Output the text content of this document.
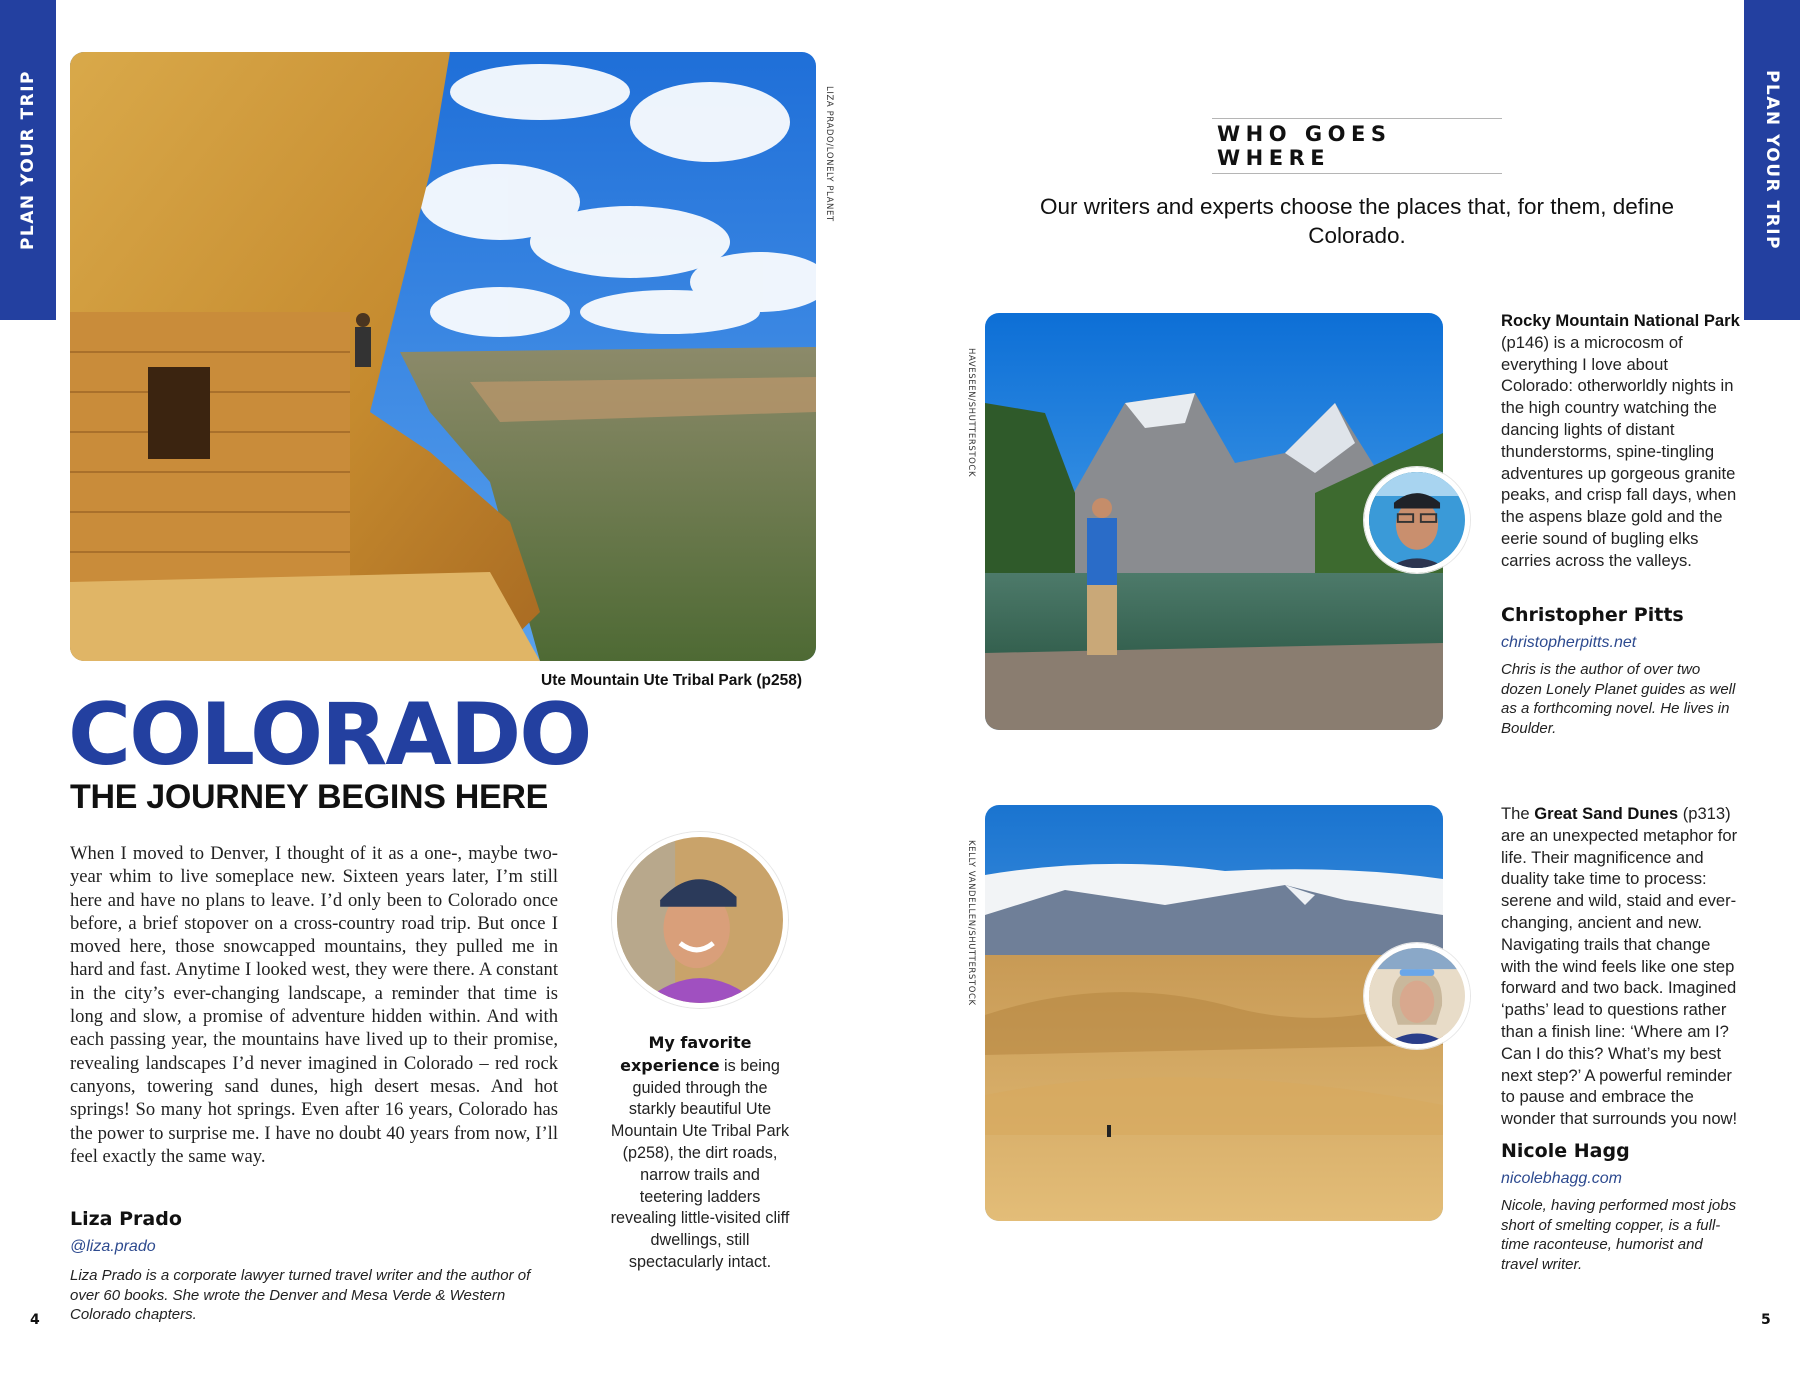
PLAN YOUR TRIP	PLAN YOUR TRIP
LIZA PRADO/LONELY PLANET
Ute Mountain Ute Tribal Park (p258)
COLORADO
THE JOURNEY BEGINS HERE

When I moved to Denver, I thought of it as a one-, maybe two-year whim to live someplace new. Sixteen years later, I’m still here and have no plans to leave. I’d only been to Colorado once before, a brief stopover on a cross-country road trip. But once I moved here, those snowcapped mountains, they pulled me in hard and fast. Anytime I looked west, they were there. A constant in the city’s ever-changing landscape, a reminder that time is long and slow, a promise of adventure hidden within. And with each passing year, the mountains have lived up to their promise, revealing landscapes I’d never imagined in Colorado – red rock canyons, towering sand dunes, high desert mesas. And hot springs! So many hot springs. Even after 16 years, Colorado has the power to surprise me. I have no doubt 40 years from now, I’ll feel exactly the same way.

Liza Prado
@liza.prado

Liza Prado is a corporate lawyer turned travel writer and the author of over 60 books. She wrote the Denver and Mesa Verde & Western Colorado chapters.

My favorite experience is being guided through the starkly beautiful Ute Mountain Ute Tribal Park (p258), the dirt roads, narrow trails and teetering ladders revealing little-visited cliff dwellings, still spectacularly intact.
4
WHO GOES WHERE

Our writers and experts choose the places that, for them, define Colorado.

HAVESEEN/SHUTTERSTOCK

Rocky Mountain National Park (p146) is a microcosm of everything I love about Colorado: otherworldly nights in the high country watching the dancing lights of distant thunderstorms, spine-tingling adventures up gorgeous granite peaks, and crisp fall days, when the aspens blaze gold and the eerie sound of bugling elks carries across the valleys.

Christopher Pitts
christopherpitts.net

Chris is the author of over two dozen Lonely Planet guides as well as a forthcoming novel. He lives in Boulder.

KELLY VANDELLEN/SHUTTERSTOCK

The Great Sand Dunes (p313) are an unexpected metaphor for life. Their magnificence and duality take time to process: serene and wild, staid and ever-changing, ancient and new. Navigating trails that change with the wind feels like one step forward and two back. Imagined ‘paths’ lead to questions rather than a finish line: ‘Where am I? Can I do this? What’s my best next step?’ A powerful reminder to pause and embrace the wonder that surrounds you now!

Nicole Hagg
nicolebhagg.com

Nicole, having performed most jobs short of smelting copper, is a full-time raconteuse, humorist and travel writer.

5
